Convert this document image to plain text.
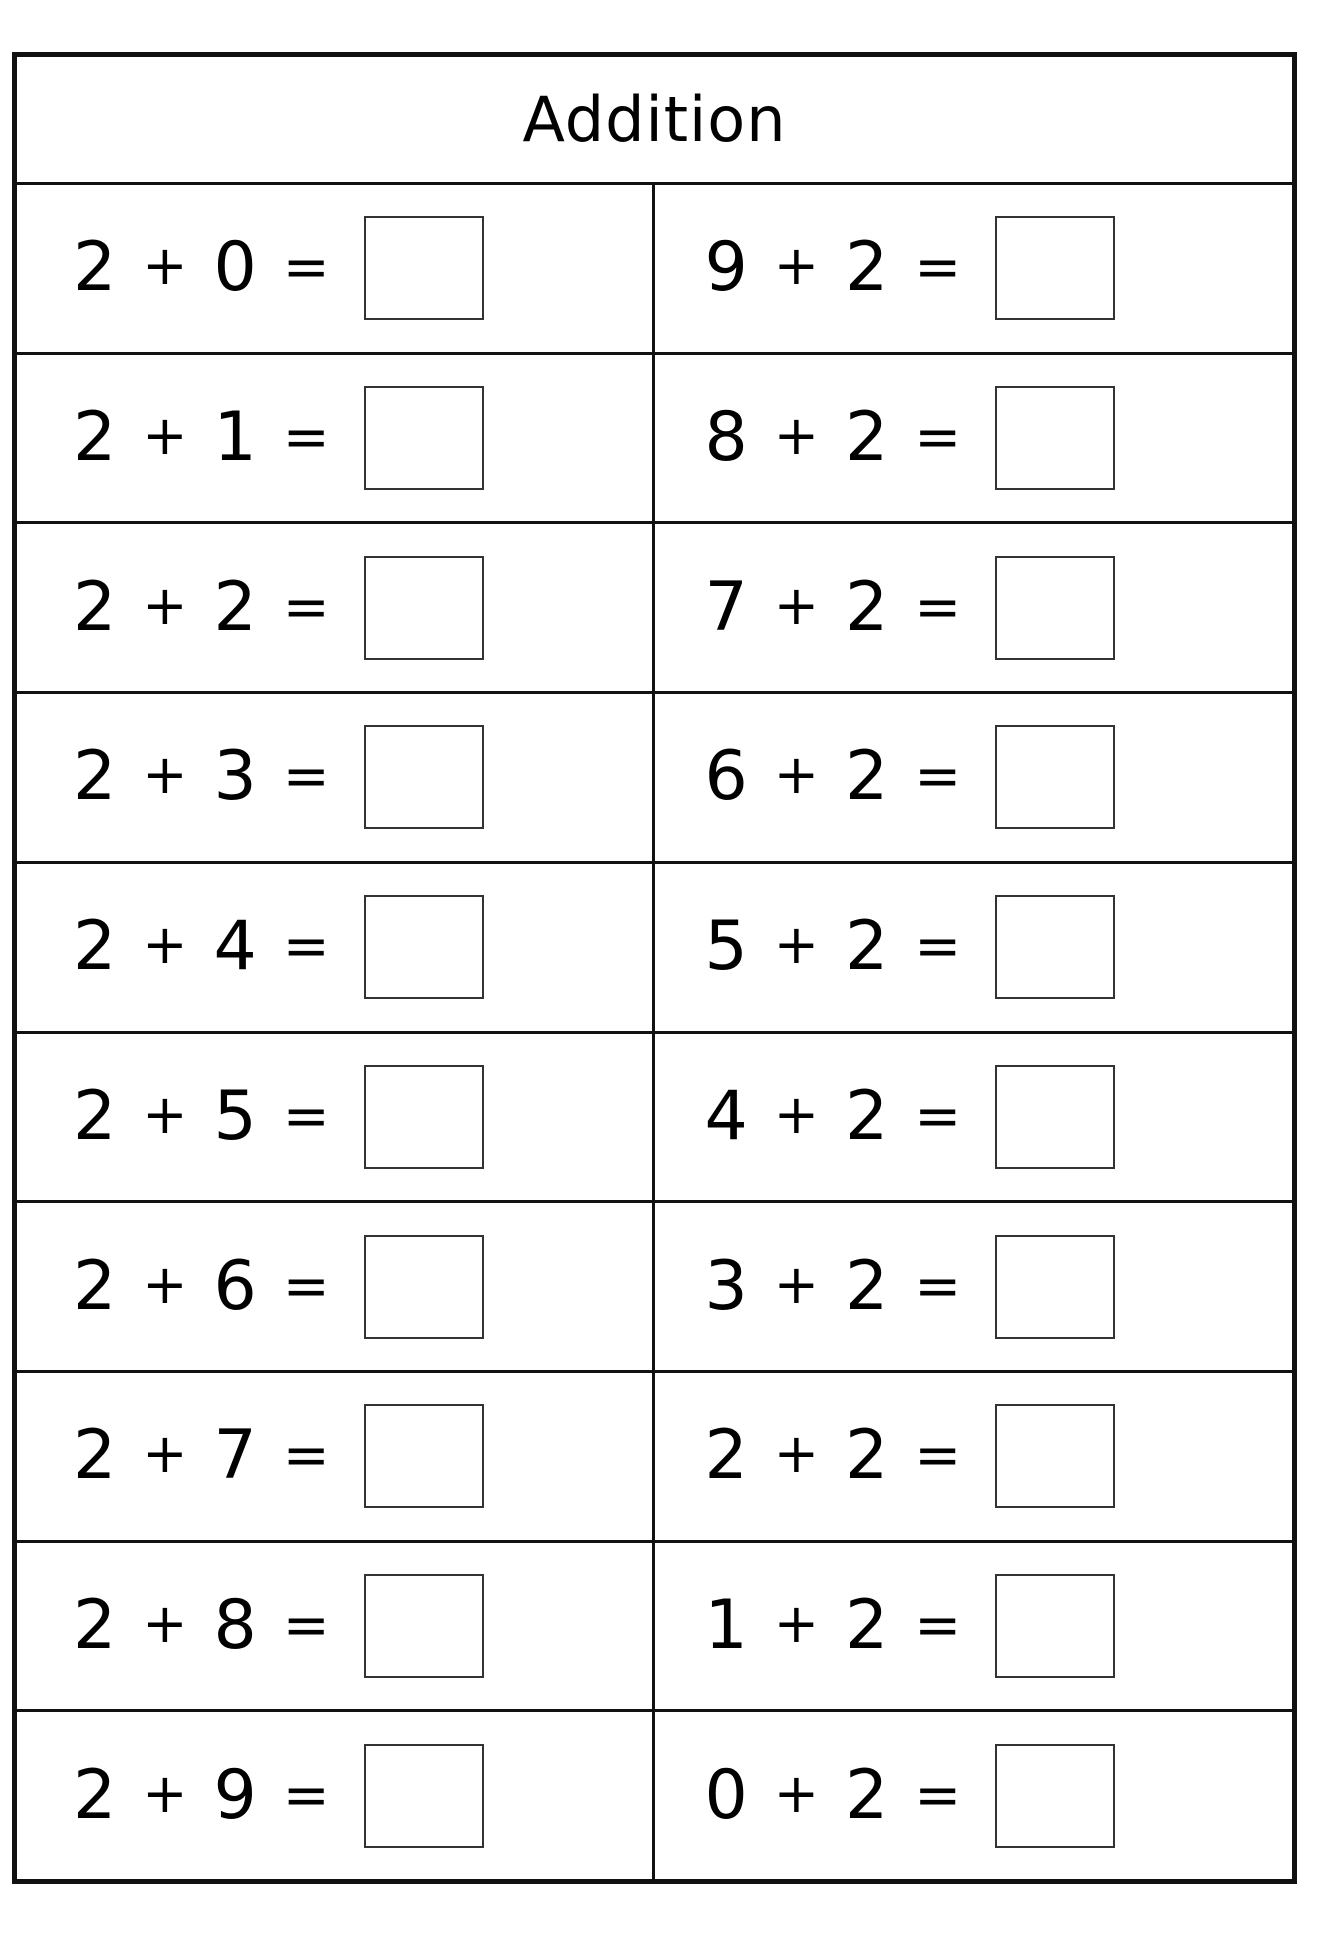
Addition
2 + 0 =	9 + 2 =
2 + 1 =	8 + 2 =
2 + 2 =	7 + 2 =
2 + 3 =	6 + 2 =
2 + 4 =	5 + 2 =
2 + 5 =	4 + 2 =
2 + 6 =	3 + 2 =
2 + 7 =	2 + 2 =
2 + 8 =	1 + 2 =
2 + 9 =	0 + 2 =
